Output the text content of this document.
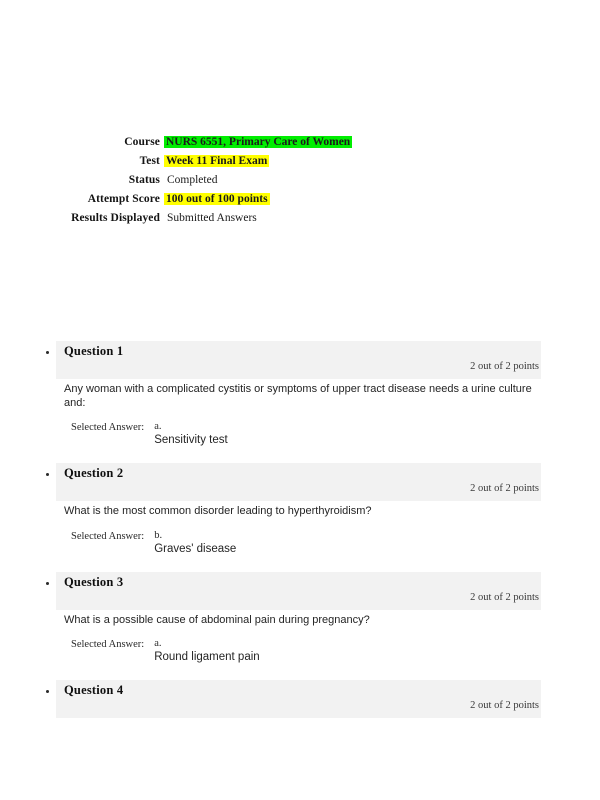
Course NURS 6551, Primary Care of Women
Test Week 11 Final Exam
Status Completed
Attempt Score 100 out of 100 points
Results Displayed Submitted Answers
Question 1
2 out of 2 points

Any woman with a complicated cystitis or symptoms of upper tract disease needs a urine culture and:

Selected Answer: a.
Sensitivity test
Question 2
2 out of 2 points

What is the most common disorder leading to hyperthyroidism?

Selected Answer: b.
Graves' disease
Question 3
2 out of 2 points

What is a possible cause of abdominal pain during pregnancy?

Selected Answer: a.
Round ligament pain
Question 4
2 out of 2 points
